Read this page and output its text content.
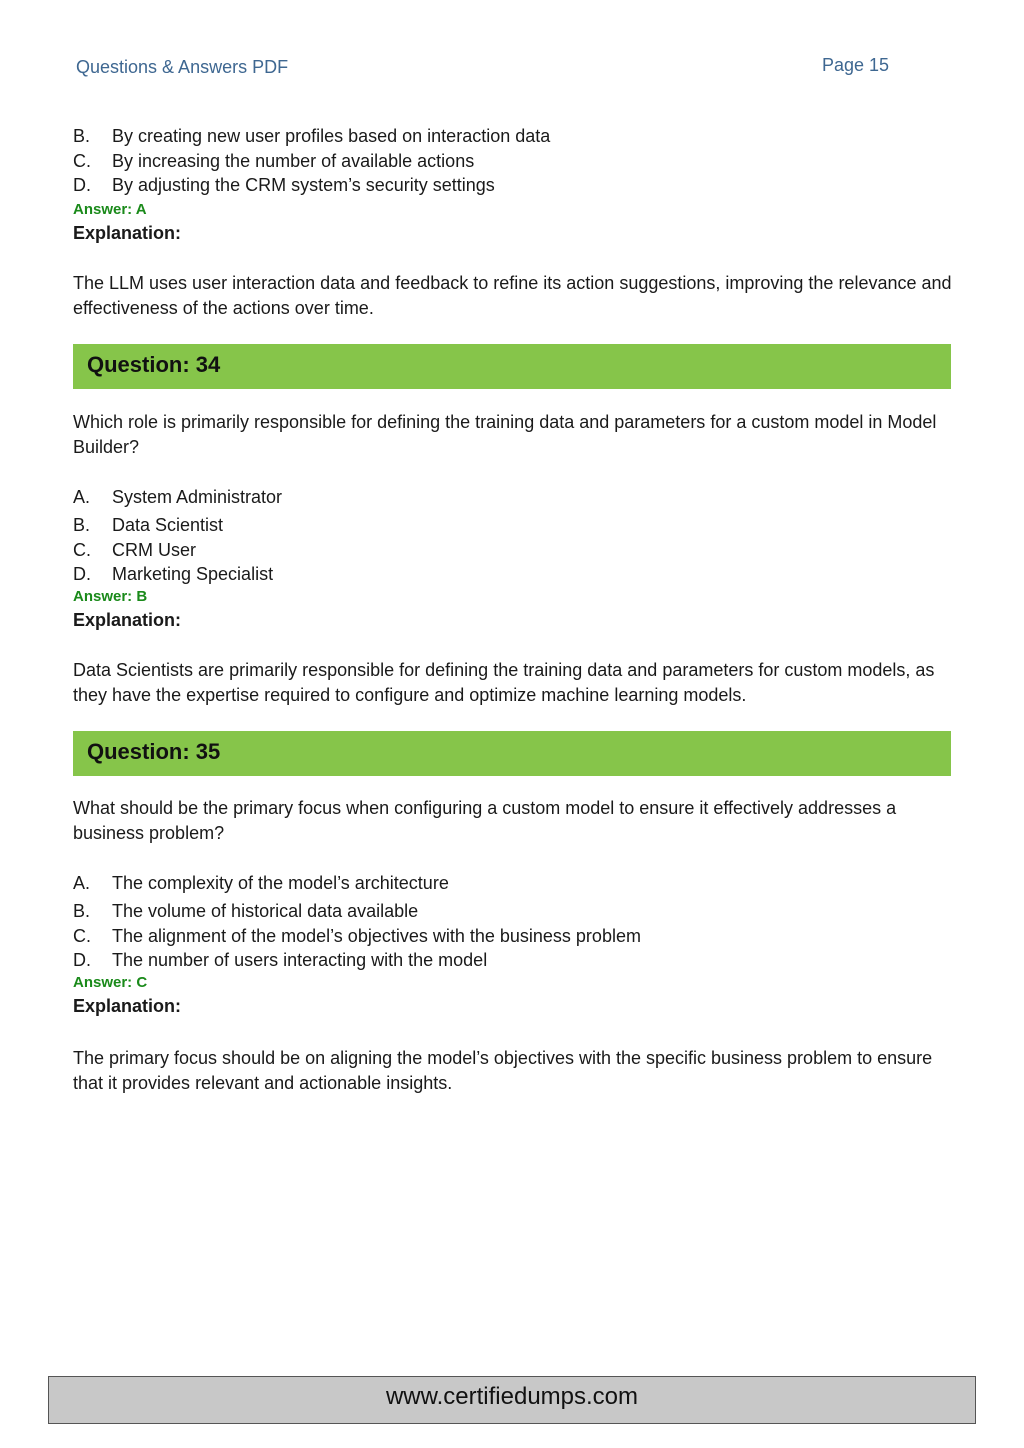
Questions & Answers PDF	Page 15
B. By creating new user profiles based on interaction data
C. By increasing the number of available actions
D. By adjusting the CRM system’s security settings
Answer: A
Explanation:
The LLM uses user interaction data and feedback to refine its action suggestions, improving the relevance and effectiveness of the actions over time.
Question: 34
Which role is primarily responsible for defining the training data and parameters for a custom model in Model Builder?
A. System Administrator
B. Data Scientist
C. CRM User
D. Marketing Specialist
Answer: B
Explanation:
Data Scientists are primarily responsible for defining the training data and parameters for custom models, as they have the expertise required to configure and optimize machine learning models.
Question: 35
What should be the primary focus when configuring a custom model to ensure it effectively addresses a business problem?
A. The complexity of the model’s architecture
B. The volume of historical data available
C. The alignment of the model’s objectives with the business problem
D. The number of users interacting with the model
Answer: C
Explanation:
The primary focus should be on aligning the model’s objectives with the specific business problem to ensure that it provides relevant and actionable insights.
www.certifiedumps.com
